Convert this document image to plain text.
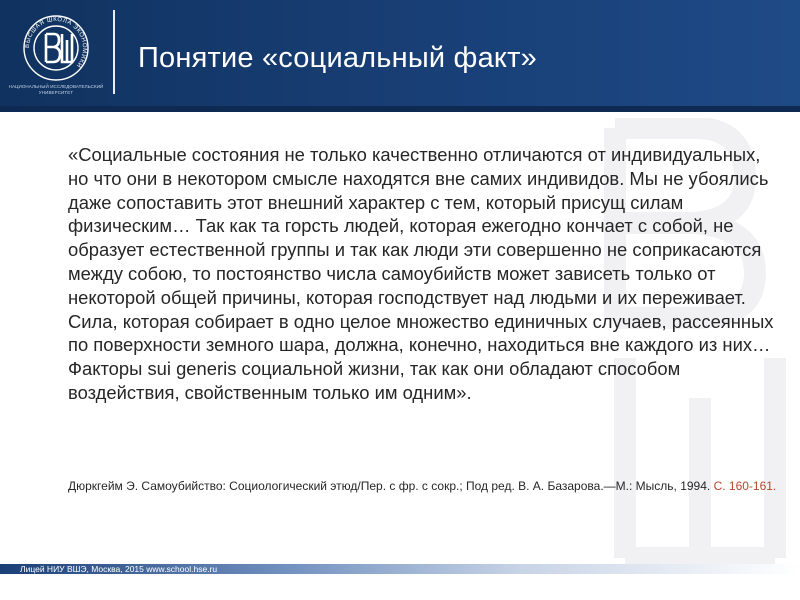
ВЫСШАЯ ШКОЛА ЭКОНОМИКИ
НАЦИОНАЛЬНЫЙ ИССЛЕДОВАТЕЛЬСКИЙ УНИВЕРСИТЕТ
Понятие «социальный факт»

«Социальные состояния не только качественно отличаются от индивидуальных, но что они в некотором смысле находятся вне самих индивидов. Мы не убоялись даже сопоставить этот внешний характер с тем, который присущ силам физическим… Так как та горсть людей, которая ежегодно кончает с собой, не образует естественной группы и так как люди эти совершенно не соприкасаются между собою, то постоянство числа самоубийств может зависеть только от некоторой общей причины, которая господствует над людьми и их переживает. Сила, которая собирает в одно целое множество единичных случаев, рассеянных по поверхности земного шара, должна, конечно, находиться вне каждого из них… Факторы sui generis социальной жизни, так как они обладают способом воздействия, свойственным только им одним».

Дюркгейм Э. Самоубийство: Социологический этюд/Пер. с фр. с сокр.; Под ред. В. А. Базарова.—М.: Мысль, 1994. С. 160-161.

Лицей НИУ ВШЭ, Москва, 2015 www.school.hse.ru
